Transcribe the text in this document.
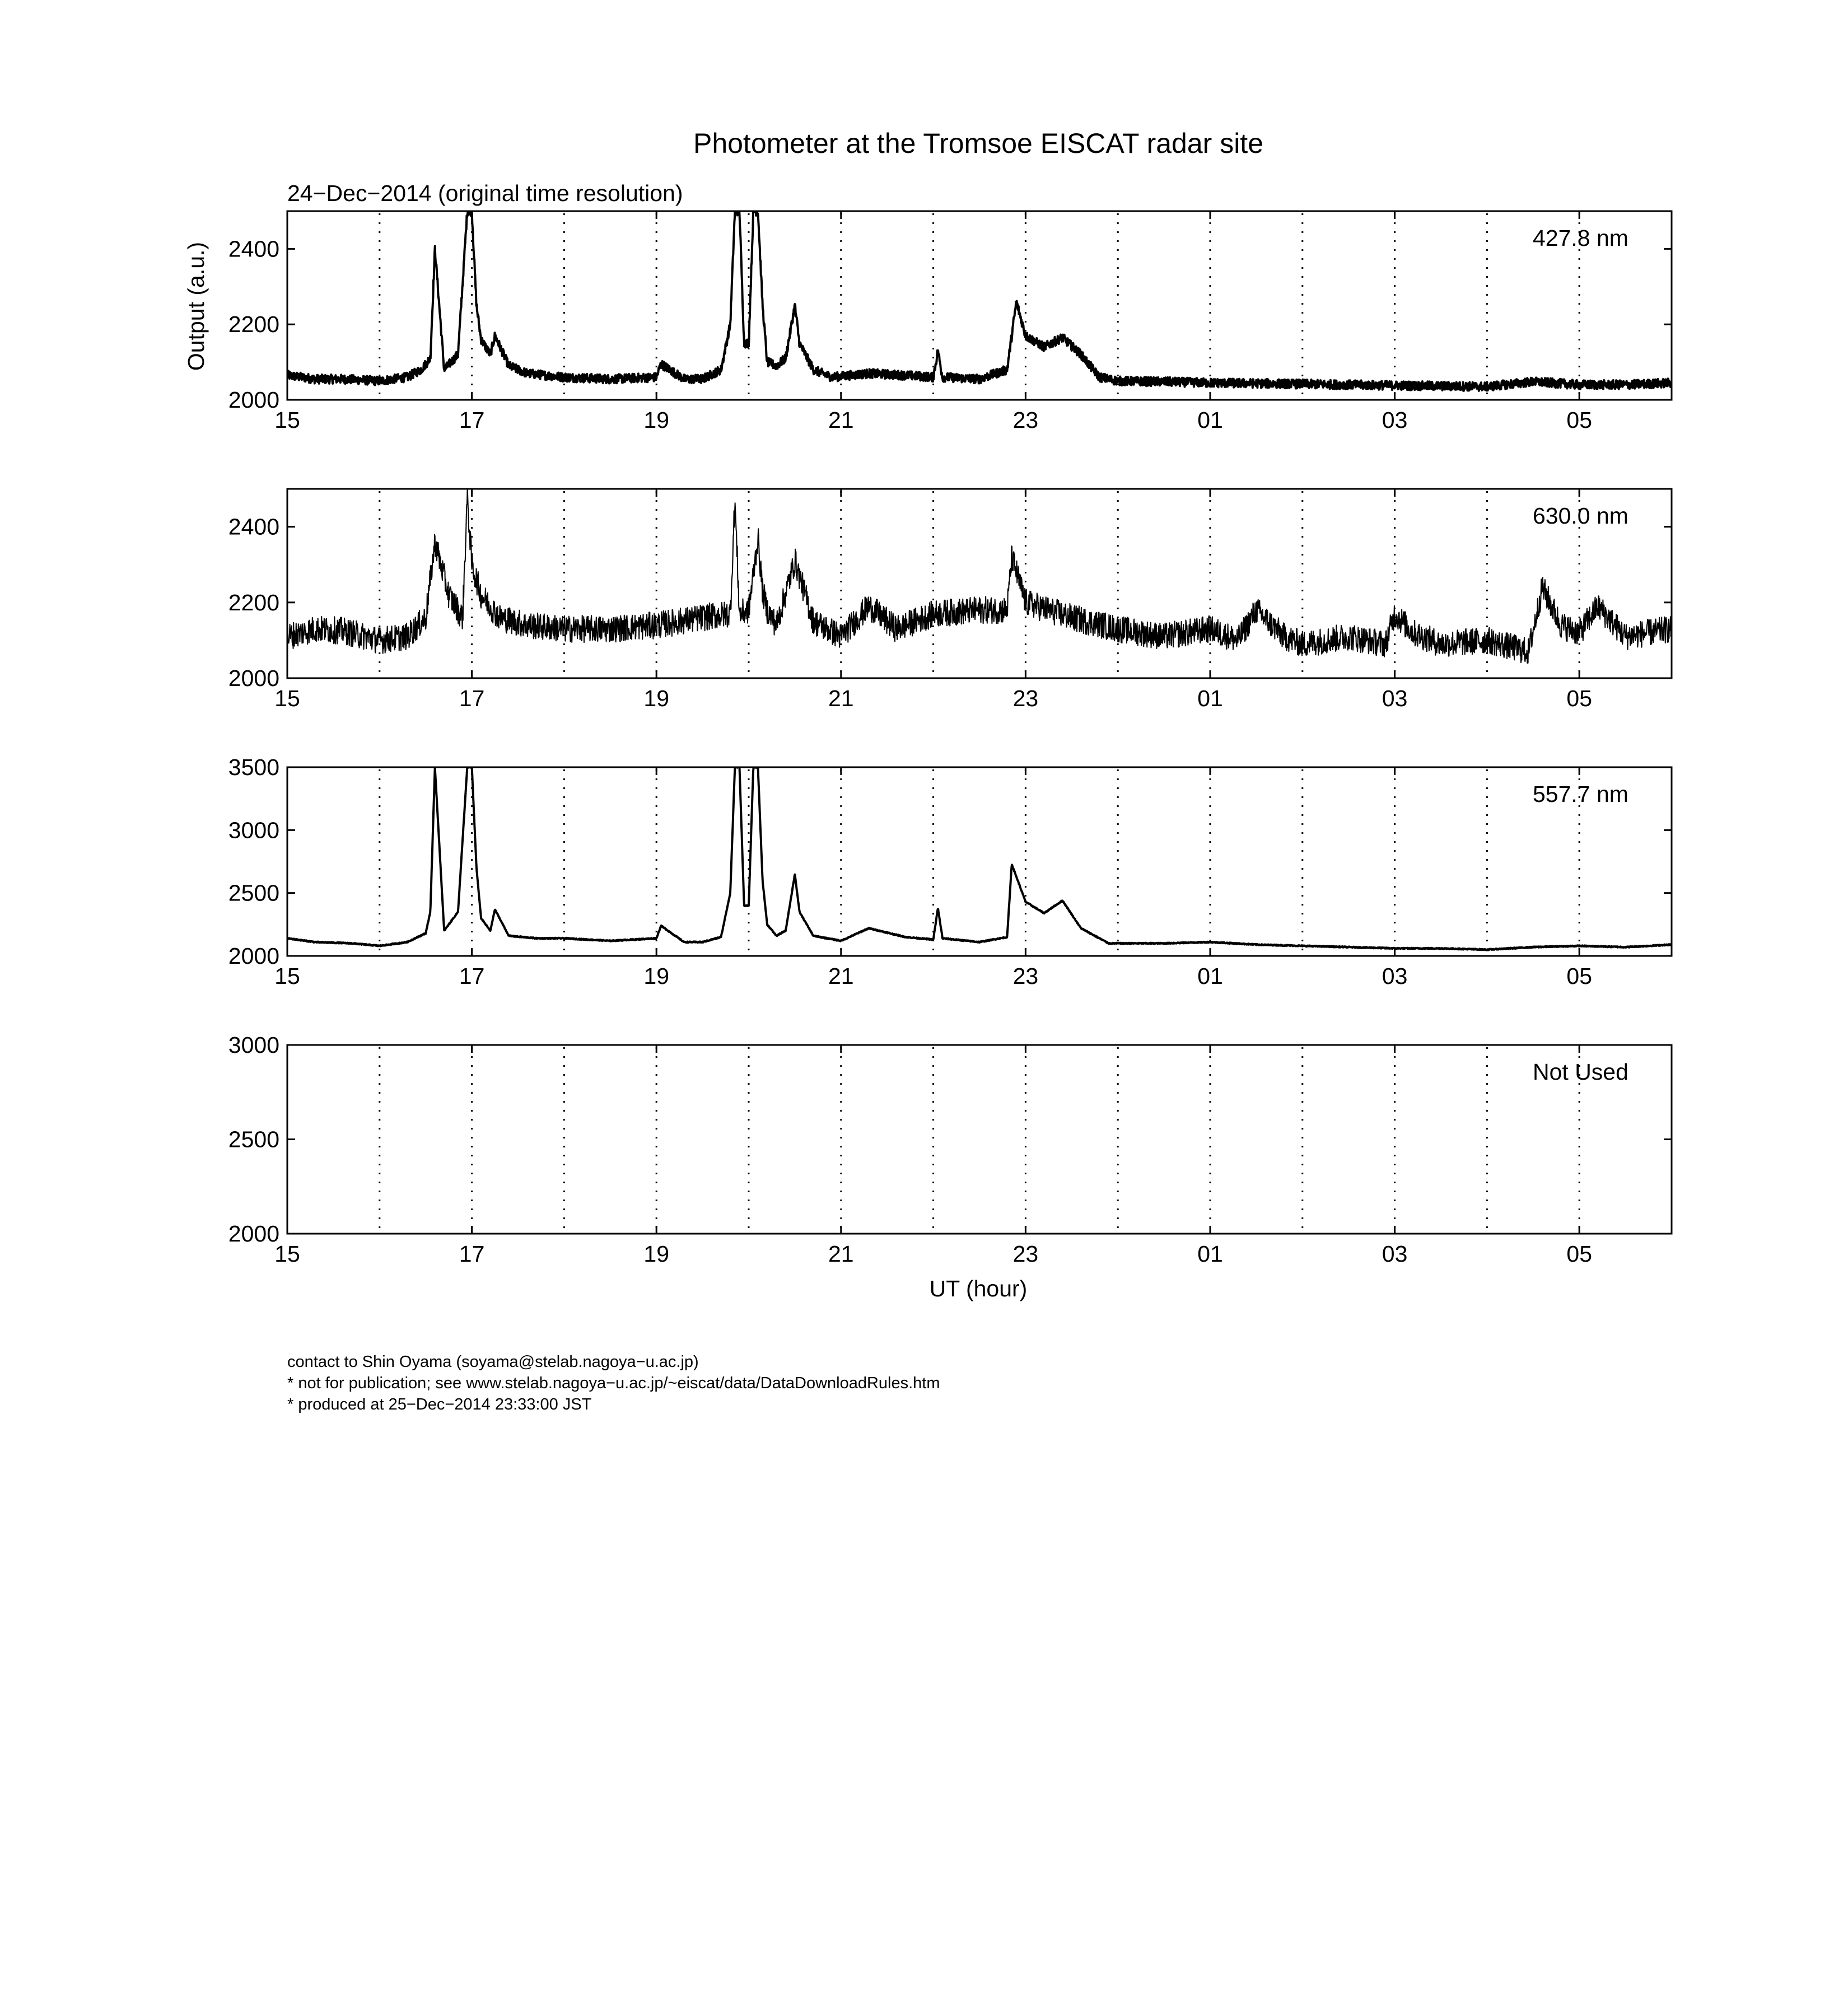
Photometer at the Tromsoe EISCAT radar site
24−Dec−2014 (original time resolution)
Output (a.u.)
UT (hour)
15	17	19	21	23	01	03	05
2000
2200
2400	427.8 nm
15	17	19	21	23	01	03	05
2000
2200
2400	630.0 nm
15	17	19	21	23	01	03	05
2000
2500
3000
3500
557.7 nm
15	17	19	21	23	01	03	05
2000
2500
3000
Not Used
contact to Shin Oyama (soyama@stelab.nagoya−u.ac.jp)
* not for publication; see www.stelab.nagoya−u.ac.jp/~eiscat/data/DataDownloadRules.htm
* produced at 25−Dec−2014 23:33:00 JST
